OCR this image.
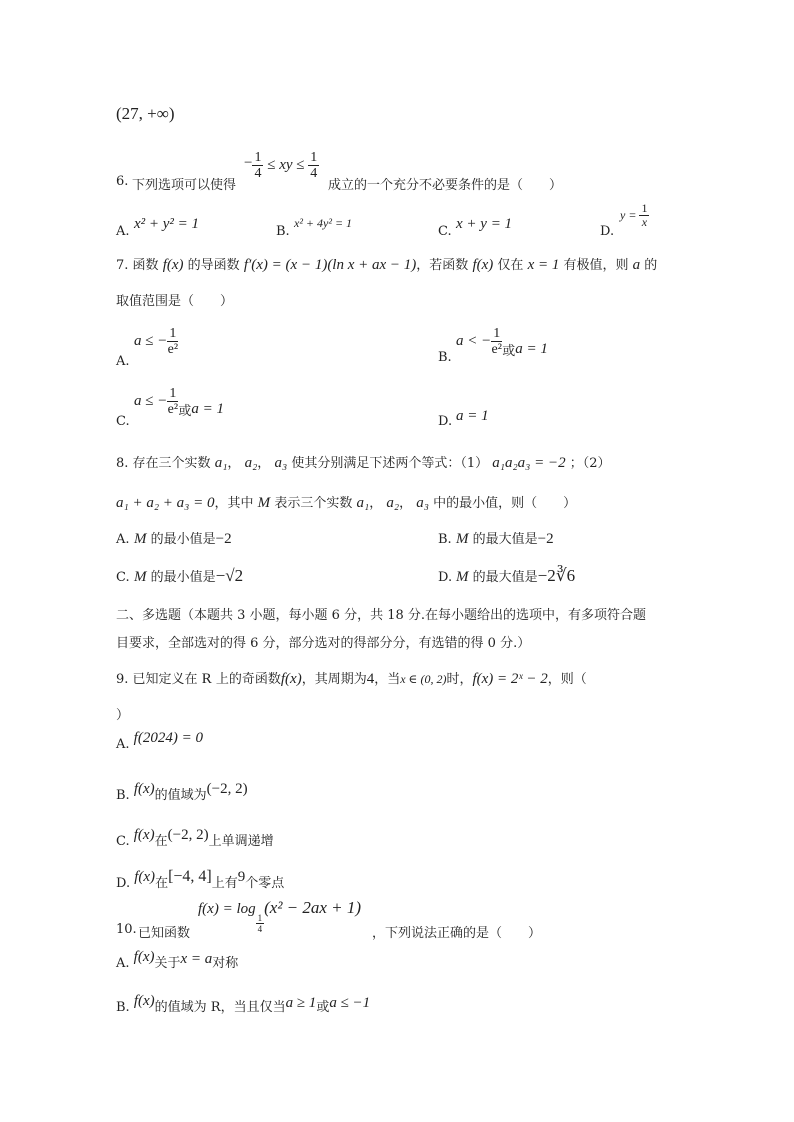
(27, +∞)
6. 下列选项可以使得
− $\frac{1}{4}$ ≤ xy ≤ $\frac{1}{4}$
成立的一个充分不必要条件的是（　　）
A. x² + y² = 1	B.
x² + 4y² = 1
C. x + y = 1	D.
$y = \frac{1}{x}$
7. 函数 f(x) 的导函数 f′(x) = (x − 1)(ln x + ax − 1)，若函数 f(x) 仅在 x = 1 有极值，则 a 的
取值范围是（　　）
A.
a ≤ − $\frac{1}{\text{e²}}$
B.
a < − $\frac{1}{\text{e²}}$ 或a = 1
C.
a ≤ − $\frac{1}{\text{e²}}$ 或a = 1
D. a = 1
8. 存在三个实数 a₁， a₂， a₃ 使其分别满足下述两个等式：（1） a₁a₂a₃ = −2 ；（2）
a₁ + a₂ + a₃ = 0，其中 M 表示三个实数 a₁， a₂， a₃ 中的最小值，则（　　）
A. M 的最小值是−2	B. M 的最大值是−2
C. M 的最小值是−√2	D. M 的最大值是−2∛6
二、多选题（本题共 3 小题，每小题 6 分，共 18 分.在每小题给出的选项中，有多项符合题
目要求，全部选对的得 6 分，部分选对的得部分分，有选错的得 0 分.）
9. 已知定义在 R 上的奇函数f(x)，其周期为4，当x ∈ (0, 2)时，f(x) = 2ˣ − 2，则（
）
A. f(2024) = 0
B. f(x)的值域为(−2, 2)
C. f(x)在(−2, 2)上单调递增
D. f(x)在[−4, 4]上有9个零点
10. 已知函数
f(x) = log
$\frac{1}{4}$
(x² − 2ax + 1)
，下列说法正确的是（　　）
A. f(x)关于x = a对称
B. f(x)的值域为 R，当且仅当a ≥ 1或a ≤ −1
